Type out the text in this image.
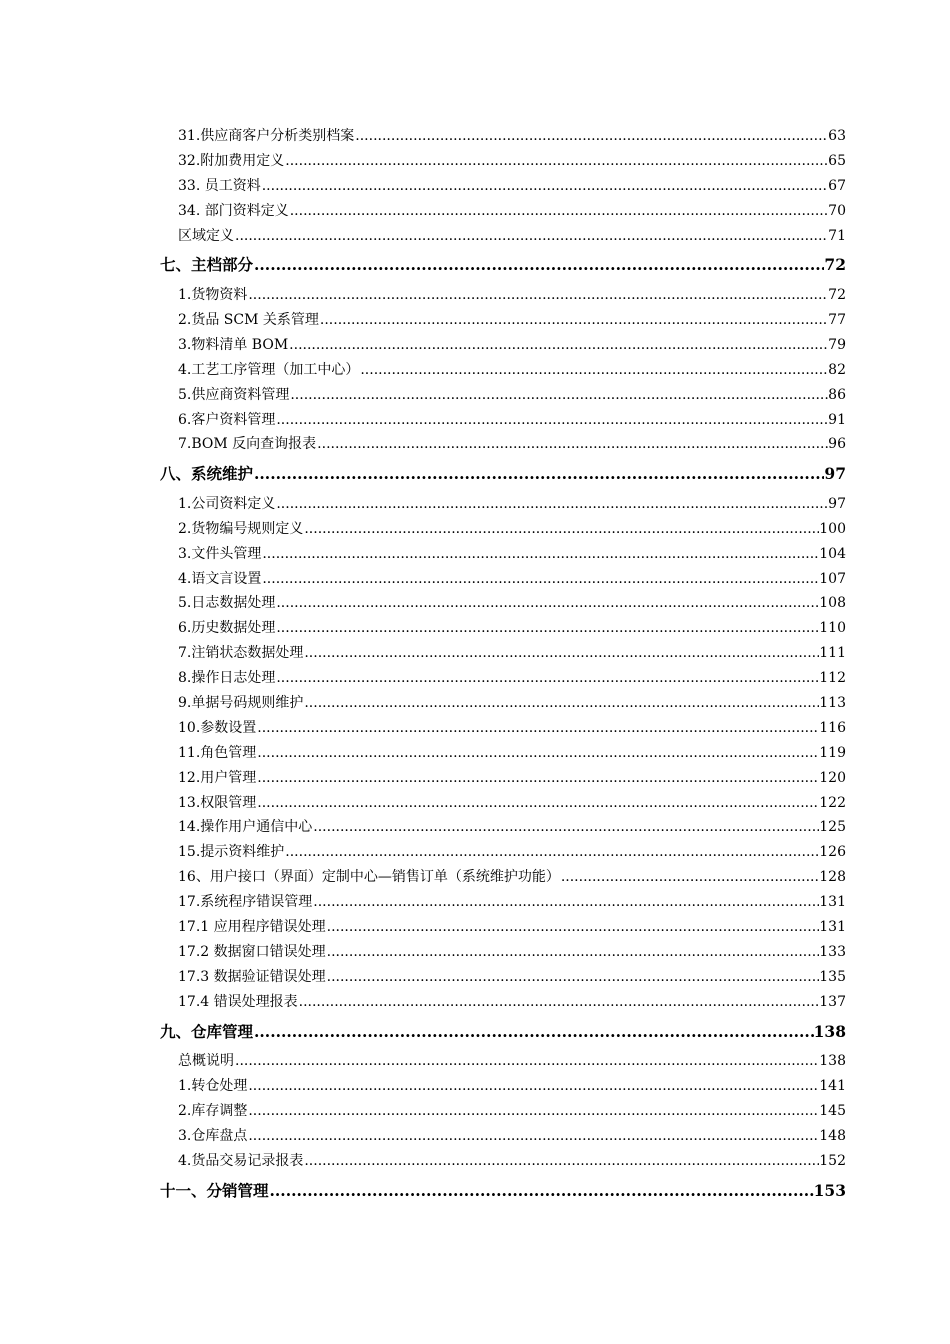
31.供应商客户分析类别档案 .....	63
32.附加费用定义 .....	65
33. 员工资料 .....	67
34. 部门资料定义 .....	70
区域定义 .....	71
七、主档部分 .....	72
1.货物资料 .....	72
2.货品 SCM 关系管理 .....	77
3.物料清单 BOM .....	79
4.工艺工序管理（加工中心） .....	82
5.供应商资料管理 .....	86
6.客户资料管理 .....	91
7.BOM 反向查询报表 .....	96
八、系统维护 .....	97
1.公司资料定义 .....	97
2.货物编号规则定义 .....	100
3.文件头管理 .....	104
4.语文言设置 .....	107
5.日志数据处理 .....	108
6.历史数据处理 .....	110
7.注销状态数据处理 .....	111
8.操作日志处理 .....	112
9.单据号码规则维护 .....	113
10.参数设置 .....	116
11.角色管理 .....	119
12.用户管理 .....	120
13.权限管理 .....	122
14.操作用户通信中心 .....	125
15.提示资料维护 .....	126
16、用户接口（界面）定制中心—销售订单（系统维护功能） .....	128
17.系统程序错误管理 .....	131
17.1 应用程序错误处理 .....	131
17.2 数据窗口错误处理 .....	133
17.3 数据验证错误处理 .....	135
17.4 错误处理报表 .....	137
九、仓库管理 .....	138
总概说明 .....	138
1.转仓处理 .....	141
2.库存调整 .....	145
3.仓库盘点 .....	148
4.货品交易记录报表 .....	152
十一、分销管理 .....	153
